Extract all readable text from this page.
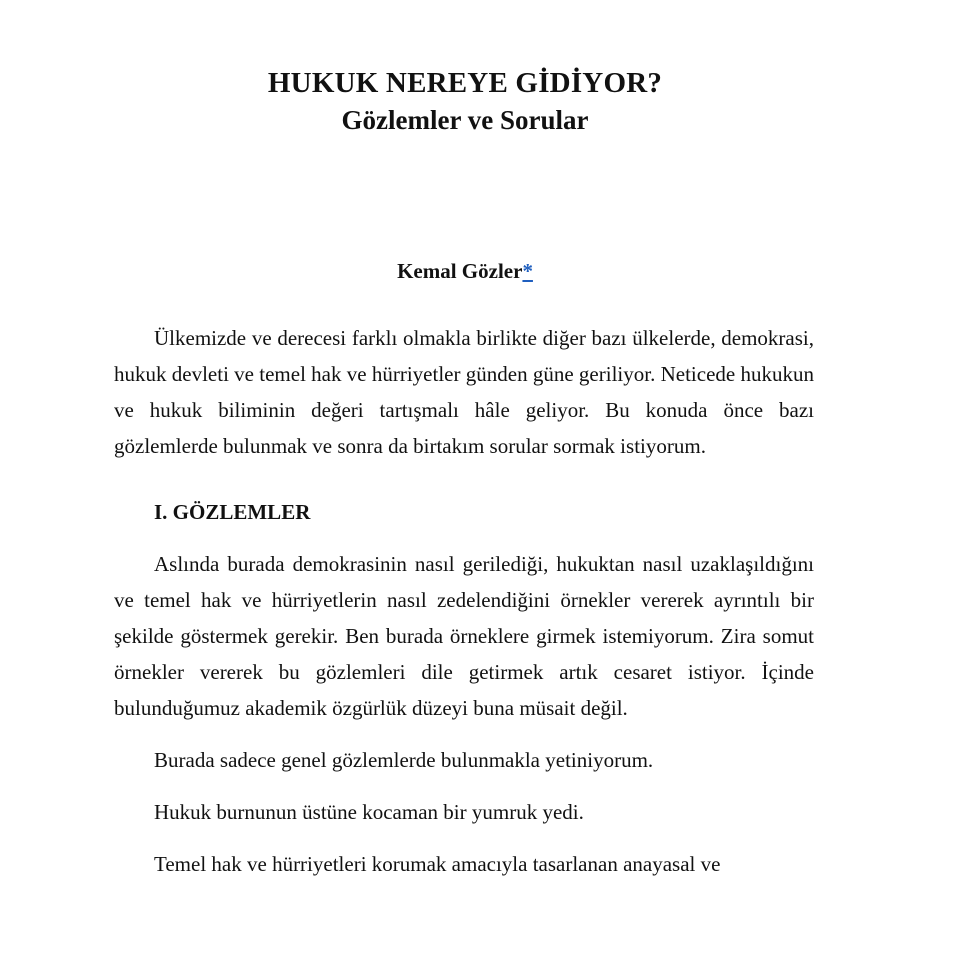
HUKUK NEREYE GİDİYOR?
Gözlemler ve Sorular
Kemal Gözler*

Ülkemizde ve derecesi farklı olmakla birlikte diğer bazı ülkelerde, demokrasi, hukuk devleti ve temel hak ve hürriyetler günden güne geriliyor. Neticede hukukun ve hukuk biliminin değeri tartışmalı hâle geliyor. Bu konuda önce bazı gözlemlerde bulunmak ve sonra da birtakım sorular sormak istiyorum.

I. GÖZLEMLER

Aslında burada demokrasinin nasıl gerilediği, hukuktan nasıl uzaklaşıldığını ve temel hak ve hürriyetlerin nasıl zedelendiğini örnekler vererek ayrıntılı bir şekilde göstermek gerekir. Ben burada örneklere girmek istemiyorum. Zira somut örnekler vererek bu gözlemleri dile getirmek artık cesaret istiyor. İçinde bulunduğumuz akademik özgürlük düzeyi buna müsait değil.

Burada sadece genel gözlemlerde bulunmakla yetiniyorum.

Hukuk burnunun üstüne kocaman bir yumruk yedi.

Temel hak ve hürriyetleri korumak amacıyla tasarlanan anayasal ve
